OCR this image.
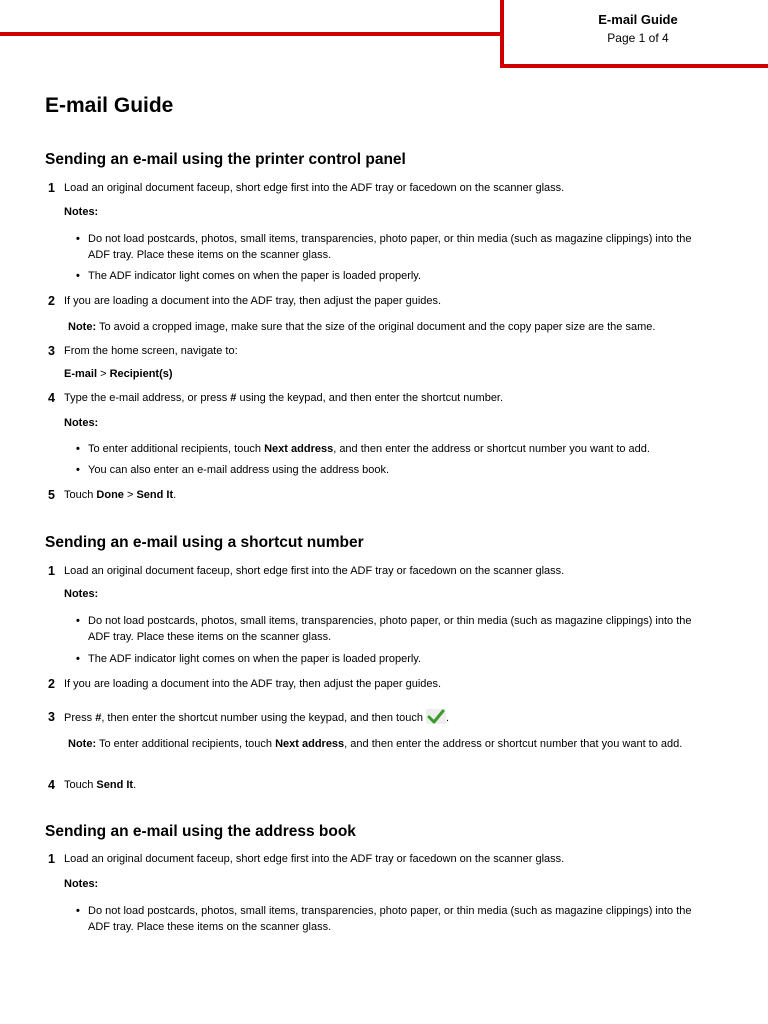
E-mail Guide
Page 1 of 4
E-mail Guide
Sending an e-mail using the printer control panel
1 Load an original document faceup, short edge first into the ADF tray or facedown on the scanner glass.
Notes:
• Do not load postcards, photos, small items, transparencies, photo paper, or thin media (such as magazine clippings) into the ADF tray. Place these items on the scanner glass.
• The ADF indicator light comes on when the paper is loaded properly.
2 If you are loading a document into the ADF tray, then adjust the paper guides.
Note: To avoid a cropped image, make sure that the size of the original document and the copy paper size are the same.
3 From the home screen, navigate to:
E-mail > Recipient(s)
4 Type the e-mail address, or press # using the keypad, and then enter the shortcut number.
Notes:
• To enter additional recipients, touch Next address, and then enter the address or shortcut number you want to add.
• You can also enter an e-mail address using the address book.
5 Touch Done > Send It.
Sending an e-mail using a shortcut number
1 Load an original document faceup, short edge first into the ADF tray or facedown on the scanner glass.
Notes:
• Do not load postcards, photos, small items, transparencies, photo paper, or thin media (such as magazine clippings) into the ADF tray. Place these items on the scanner glass.
• The ADF indicator light comes on when the paper is loaded properly.
2 If you are loading a document into the ADF tray, then adjust the paper guides.
3 Press #, then enter the shortcut number using the keypad, and then touch .
Note: To enter additional recipients, touch Next address, and then enter the address or shortcut number that you want to add.
4 Touch Send It.
Sending an e-mail using the address book
1 Load an original document faceup, short edge first into the ADF tray or facedown on the scanner glass.
Notes:
• Do not load postcards, photos, small items, transparencies, photo paper, or thin media (such as magazine clippings) into the ADF tray. Place these items on the scanner glass.
